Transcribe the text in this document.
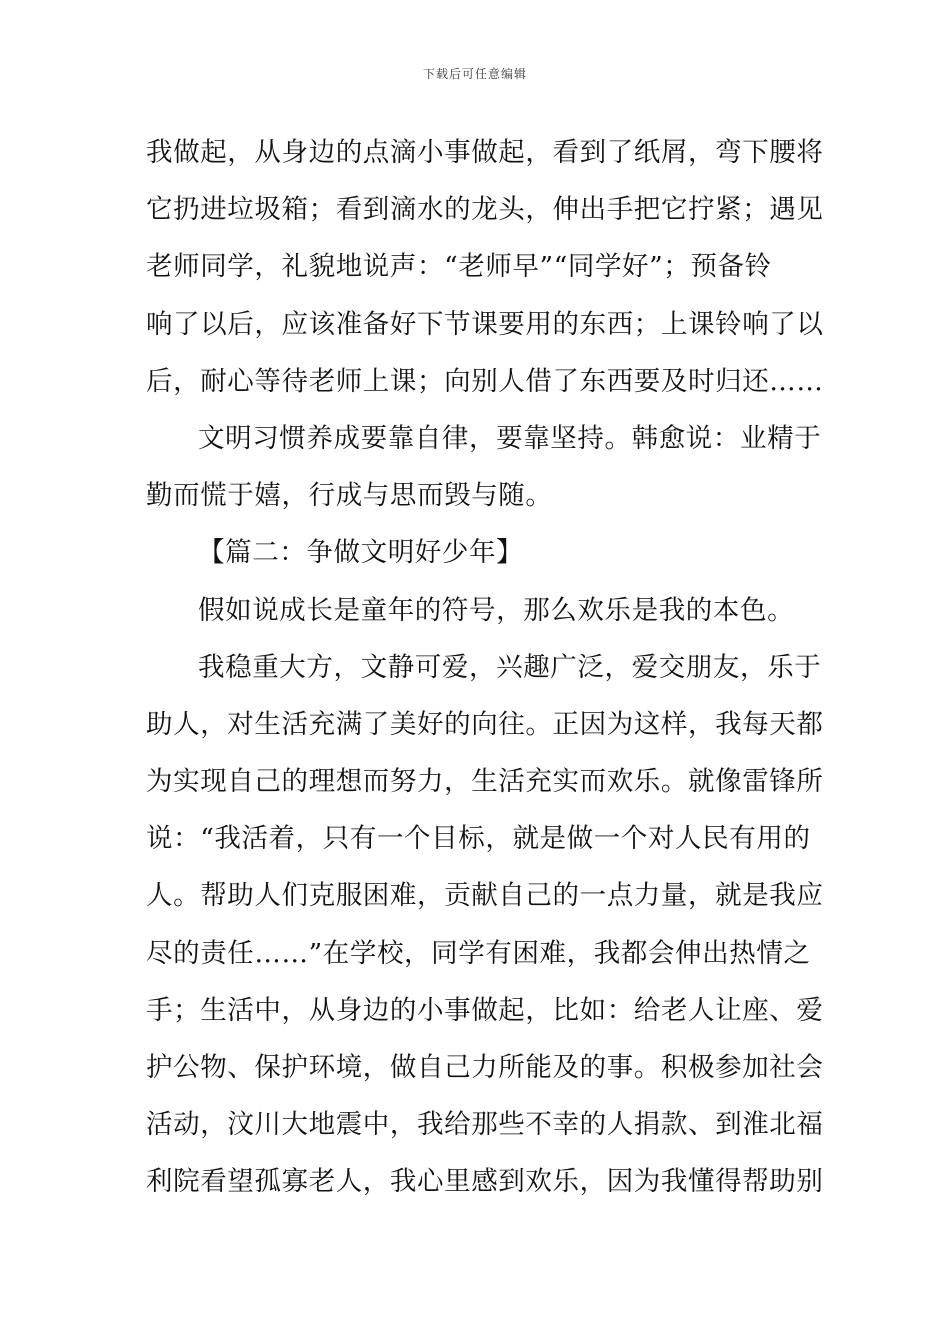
下载后可任意编辑
我做起，从身边的点滴小事做起，看到了纸屑，弯下腰将
它扔进垃圾箱；看到滴水的龙头，伸出手把它拧紧；遇见
老师同学，礼貌地说声：“老师早”“同学好”；预备铃
响了以后，应该准备好下节课要用的东西；上课铃响了以
后，耐心等待老师上课；向别人借了东西要及时归还……
文明习惯养成要靠自律，要靠坚持。韩愈说：业精于
勤而慌于嬉，行成与思而毁与随。
【篇二：争做文明好少年】
假如说成长是童年的符号，那么欢乐是我的本色。
我稳重大方，文静可爱，兴趣广泛，爱交朋友，乐于
助人，对生活充满了美好的向往。正因为这样，我每天都
为实现自己的理想而努力，生活充实而欢乐。就像雷锋所
说：“我活着，只有一个目标，就是做一个对人民有用的
人。帮助人们克服困难，贡献自己的一点力量，就是我应
尽的责任……”在学校，同学有困难，我都会伸出热情之
手；生活中，从身边的小事做起，比如：给老人让座、爱
护公物、保护环境，做自己力所能及的事。积极参加社会
活动，汶川大地震中，我给那些不幸的人捐款、到淮北福
利院看望孤寡老人，我心里感到欢乐，因为我懂得帮助别
